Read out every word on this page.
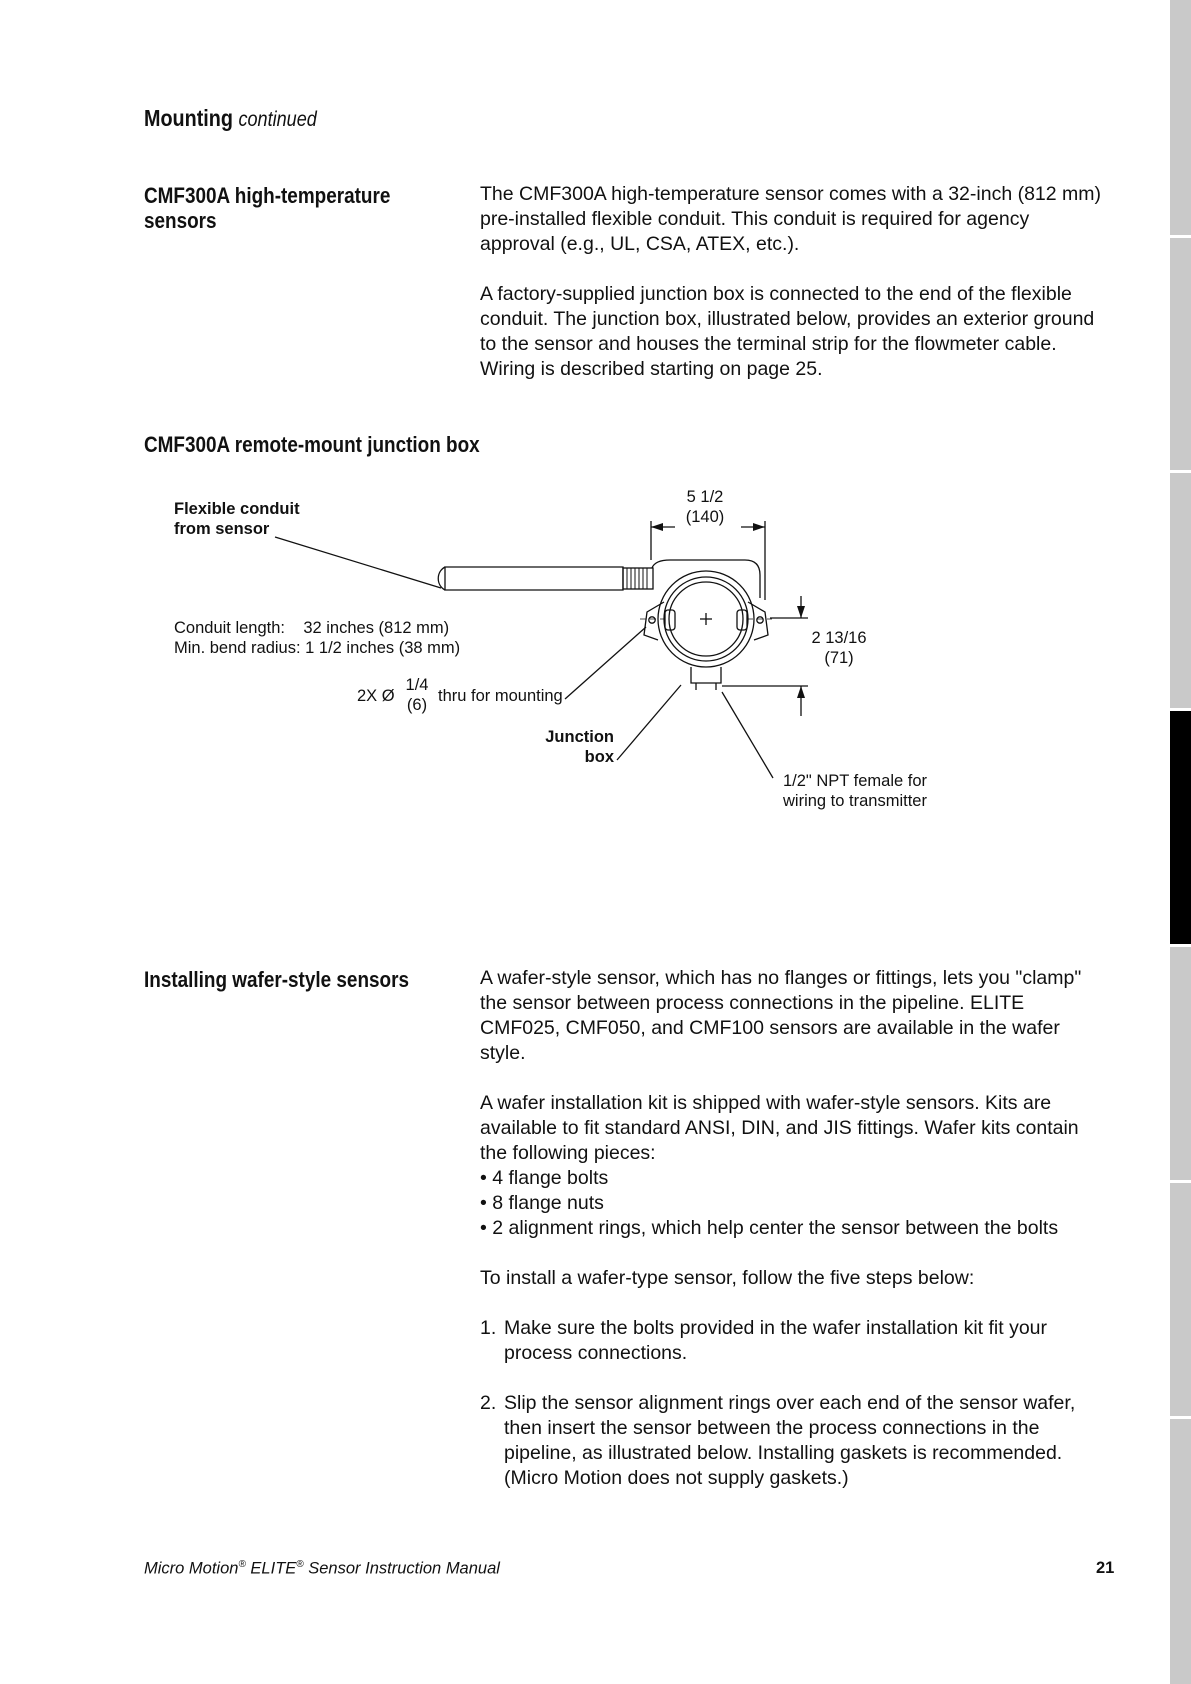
Mounting continued
CMF300A high-temperature
sensors

The CMF300A high-temperature sensor comes with a 32-inch (812 mm)
pre-installed flexible conduit. This conduit is required for agency
approval (e.g., UL, CSA, ATEX, etc.).

A factory-supplied junction box is connected to the end of the flexible
conduit. The junction box, illustrated below, provides an exterior ground
to the sensor and houses the terminal strip for the flowmeter cable.
Wiring is described starting on page 25.

CMF300A remote-mount junction box
Flexible conduit
from sensor
Conduit length:    32 inches (812 mm)
Min. bend radius: 1 1/2 inches (38 mm)
5 1/2
(140)
2 13/16
(71)
2X Ø
1/4
(6) thru for mounting
Junction
box
1/2" NPT female for
wiring to transmitter
Installing wafer-style sensors	A wafer-style sensor, which has no flanges or fittings, lets you "clamp"
the sensor between process connections in the pipeline. ELITE
CMF025, CMF050, and CMF100 sensors are available in the wafer
style.

A wafer installation kit is shipped with wafer-style sensors. Kits are
available to fit standard ANSI, DIN, and JIS fittings. Wafer kits contain
the following pieces:
• 4 flange bolts
• 8 flange nuts
• 2 alignment rings, which help center the sensor between the bolts

To install a wafer-type sensor, follow the five steps below:

1. Make sure the bolts provided in the wafer installation kit fit your
process connections.
2. Slip the sensor alignment rings over each end of the sensor wafer,
then insert the sensor between the process connections in the
pipeline, as illustrated below. Installing gaskets is recommended.
(Micro Motion does not supply gaskets.)
Micro Motion® ELITE® Sensor Instruction Manual	21
